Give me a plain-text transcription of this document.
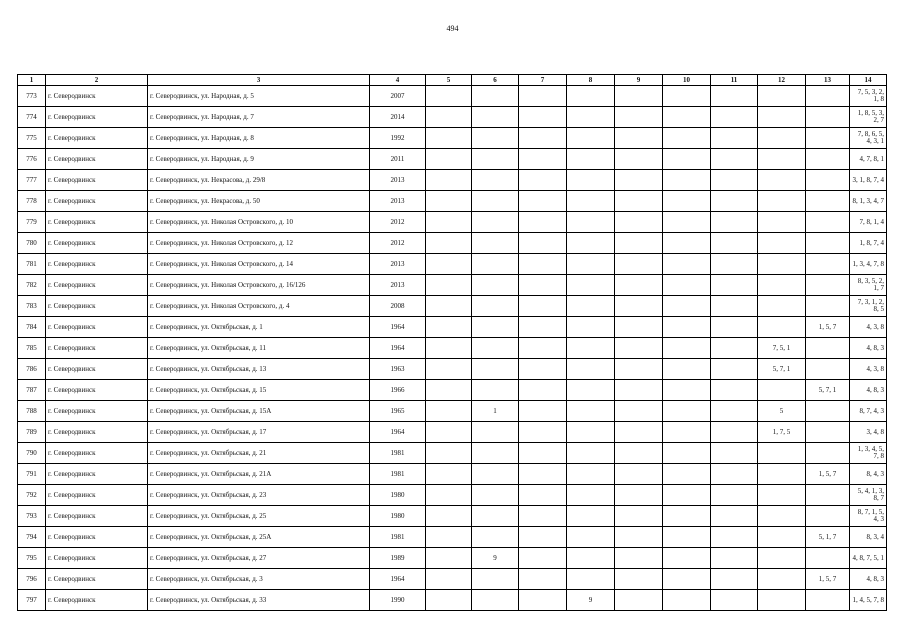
494
1	2	3	4	5	6	7	8	9	10	11	12	13	14
773	г. Северодвинск	г. Северодвинск, ул. Народная, д. 5	2007										7, 5, 3, 2, 1, 8
774	г. Северодвинск	г. Северодвинск, ул. Народная, д. 7	2014										1, 8, 5, 3, 2, 7
775	г. Северодвинск	г. Северодвинск, ул. Народная, д. 8	1992										7, 8, 6, 5, 4, 3, 1
776	г. Северодвинск	г. Северодвинск, ул. Народная, д. 9	2011										4, 7, 8, 1
777	г. Северодвинск	г. Северодвинск, ул. Некрасова, д. 29/8	2013										3, 1, 8, 7, 4
778	г. Северодвинск	г. Северодвинск, ул. Некрасова, д. 50	2013										8, 1, 3, 4, 7
779	г. Северодвинск	г. Северодвинск, ул. Николая Островского, д. 10	2012										7, 8, 1, 4
780	г. Северодвинск	г. Северодвинск, ул. Николая Островского, д. 12	2012										1, 8, 7, 4
781	г. Северодвинск	г. Северодвинск, ул. Николая Островского, д. 14	2013										1, 3, 4, 7, 8
782	г. Северодвинск	г. Северодвинск, ул. Николая Островского, д. 16/126	2013										8, 3, 5, 2, 1, 7
783	г. Северодвинск	г. Северодвинск, ул. Николая Островского, д. 4	2008										7, 3, 1, 2, 8, 5
784	г. Северодвинск	г. Северодвинск, ул. Октябрьская, д. 1	1964									1, 5, 7	4, 3, 8
785	г. Северодвинск	г. Северодвинск, ул. Октябрьская, д. 11	1964								7, 5, 1		4, 8, 3
786	г. Северодвинск	г. Северодвинск, ул. Октябрьская, д. 13	1963								5, 7, 1		4, 3, 8
787	г. Северодвинск	г. Северодвинск, ул. Октябрьская, д. 15	1966									5, 7, 1	4, 8, 3
788	г. Северодвинск	г. Северодвинск, ул. Октябрьская, д. 15А	1965		1						5		8, 7, 4, 3
789	г. Северодвинск	г. Северодвинск, ул. Октябрьская, д. 17	1964								1, 7, 5		3, 4, 8
790	г. Северодвинск	г. Северодвинск, ул. Октябрьская, д. 21	1981										1, 3, 4, 5, 7, 8
791	г. Северодвинск	г. Северодвинск, ул. Октябрьская, д. 21А	1981									1, 5, 7	8, 4, 3
792	г. Северодвинск	г. Северодвинск, ул. Октябрьская, д. 23	1980										5, 4, 1, 3, 8, 7
793	г. Северодвинск	г. Северодвинск, ул. Октябрьская, д. 25	1980										8, 7, 1, 5, 4, 3
794	г. Северодвинск	г. Северодвинск, ул. Октябрьская, д. 25А	1981									5, 1, 7	8, 3, 4
795	г. Северодвинск	г. Северодвинск, ул. Октябрьская, д. 27	1989		9								4, 8, 7, 5, 1
796	г. Северодвинск	г. Северодвинск, ул. Октябрьская, д. 3	1964									1, 5, 7	4, 8, 3
797	г. Северодвинск	г. Северодвинск, ул. Октябрьская, д. 33	1990				9						1, 4, 5, 7, 8
